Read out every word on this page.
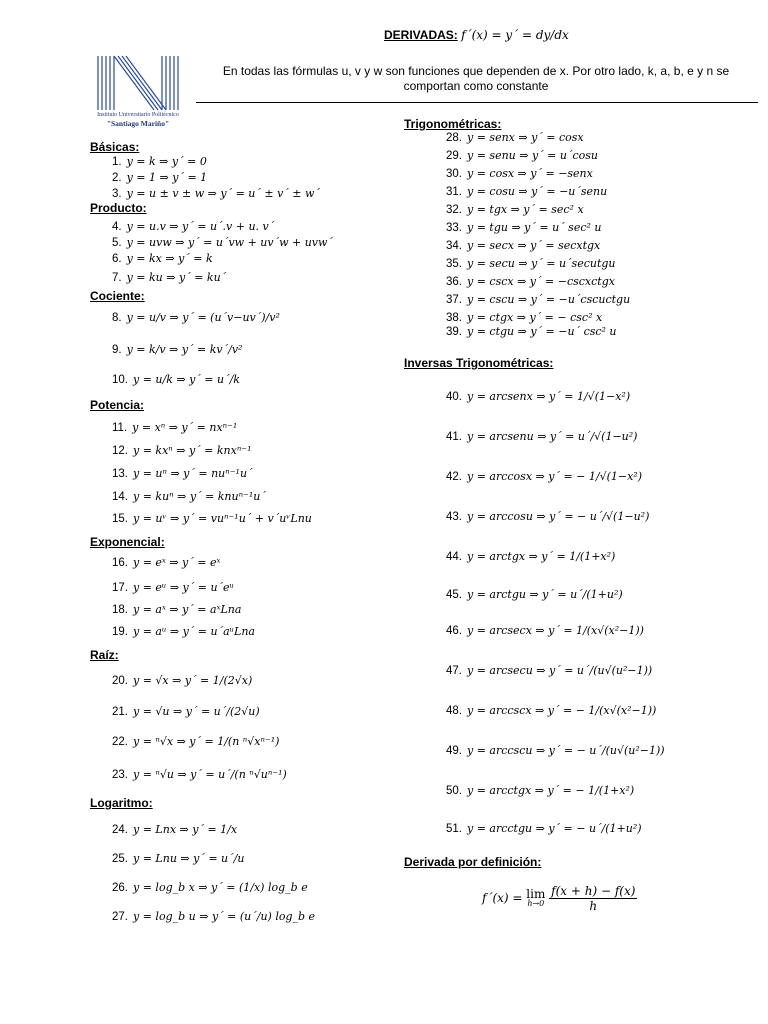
Instituto Universitario Politécnico
"Santiago Mariño"
DERIVADAS: f´(x) = y´ = dy/dx
En todas las fórmulas u, v y w son funciones que dependen de x. Por otro lado, k, a, b, e y n se
comportan como constante
Básicas:
Producto:
Cociente:
Potencia:
Exponencial:
Raíz:
Logaritmo:
Trigonométricas:
Inversas Trigonométricas:
Derivada por definición:
1. y = k ⇒ y´ = 0
2. y = 1 ⇒ y´ = 1
3. y = u ± v ± w ⇒ y´ = u´ ± v´ ± w´
4. y = u.v ⇒ y´ = u´.v + u. v´
5. y = uvw ⇒ y´ = u´vw + uv´w + uvw´
6. y = kx ⇒ y´ = k
7. y = ku ⇒ y´ = ku´
8. y = u/v ⇒ y´ = (u´v−uv´)/v²
9. y = k/v ⇒ y´ = kv´/v²
10. y = u/k ⇒ y´ = u´/k
11. y = xⁿ ⇒ y´ = nxⁿ⁻¹
12. y = kxⁿ ⇒ y´ = knxⁿ⁻¹
13. y = uⁿ ⇒ y´ = nuⁿ⁻¹u´
14. y = kuⁿ ⇒ y´ = knuⁿ⁻¹u´
15. y = uᵛ ⇒ y´ = vuⁿ⁻¹u´ + v´uᵛLnu
16. y = eˣ ⇒ y´ = eˣ
17. y = eᵘ ⇒ y´ = u´eᵘ
18. y = aˣ ⇒ y´ = aˣLna
19. y = aᵘ ⇒ y´ = u´aᵘLna
20. y = √x ⇒ y´ = 1/(2√x)
21. y = √u ⇒ y´ = u´/(2√u)
22. y = ⁿ√x ⇒ y´ = 1/(n ⁿ√xⁿ⁻¹)
23. y = ⁿ√u ⇒ y´ = u´/(n ⁿ√uⁿ⁻¹)
24. y = Lnx ⇒ y´ = 1/x
25. y = Lnu ⇒ y´ = u´/u
26. y = log_b x ⇒ y´ = (1/x) log_b e
27. y = log_b u ⇒ y´ = (u´/u) log_b e
28. y = senx ⇒ y´ = cosx
29. y = senu ⇒ y´ = u´cosu
30. y = cosx ⇒ y´ = −senx
31. y = cosu ⇒ y´ = −u´senu
32. y = tgx ⇒ y´ = sec² x
33. y = tgu ⇒ y´ = u´ sec² u
34. y = secx ⇒ y´ = secxtgx
35. y = secu ⇒ y´ = u´secutgu
36. y = cscx ⇒ y´ = −cscxctgx
37. y = cscu ⇒ y´ = −u´cscuctgu
38. y = ctgx ⇒ y´ = − csc² x
39. y = ctgu ⇒ y´ = −u´ csc² u
40. y = arcsenx ⇒ y´ = 1/√(1−x²)
41. y = arcsenu ⇒ y´ = u´/√(1−u²)
42. y = arccosx ⇒ y´ = − 1/√(1−x²)
43. y = arccosu ⇒ y´ = − u´/√(1−u²)
44. y = arctgx ⇒ y´ = 1/(1+x²)
45. y = arctgu ⇒ y´ = u´/(1+u²)
46. y = arcsecx ⇒ y´ = 1/(x√(x²−1))
47. y = arcsecu ⇒ y´ = u´/(u√(u²−1))
48. y = arccscx ⇒ y´ = − 1/(x√(x²−1))
49. y = arccscu ⇒ y´ = − u´/(u√(u²−1))
50. y = arcctgx ⇒ y´ = − 1/(1+x²)
51. y = arcctgu ⇒ y´ = − u´/(1+u²)
f´(x) = lim
h→0
$\frac{f(x + h) - f(x)}{h}$
